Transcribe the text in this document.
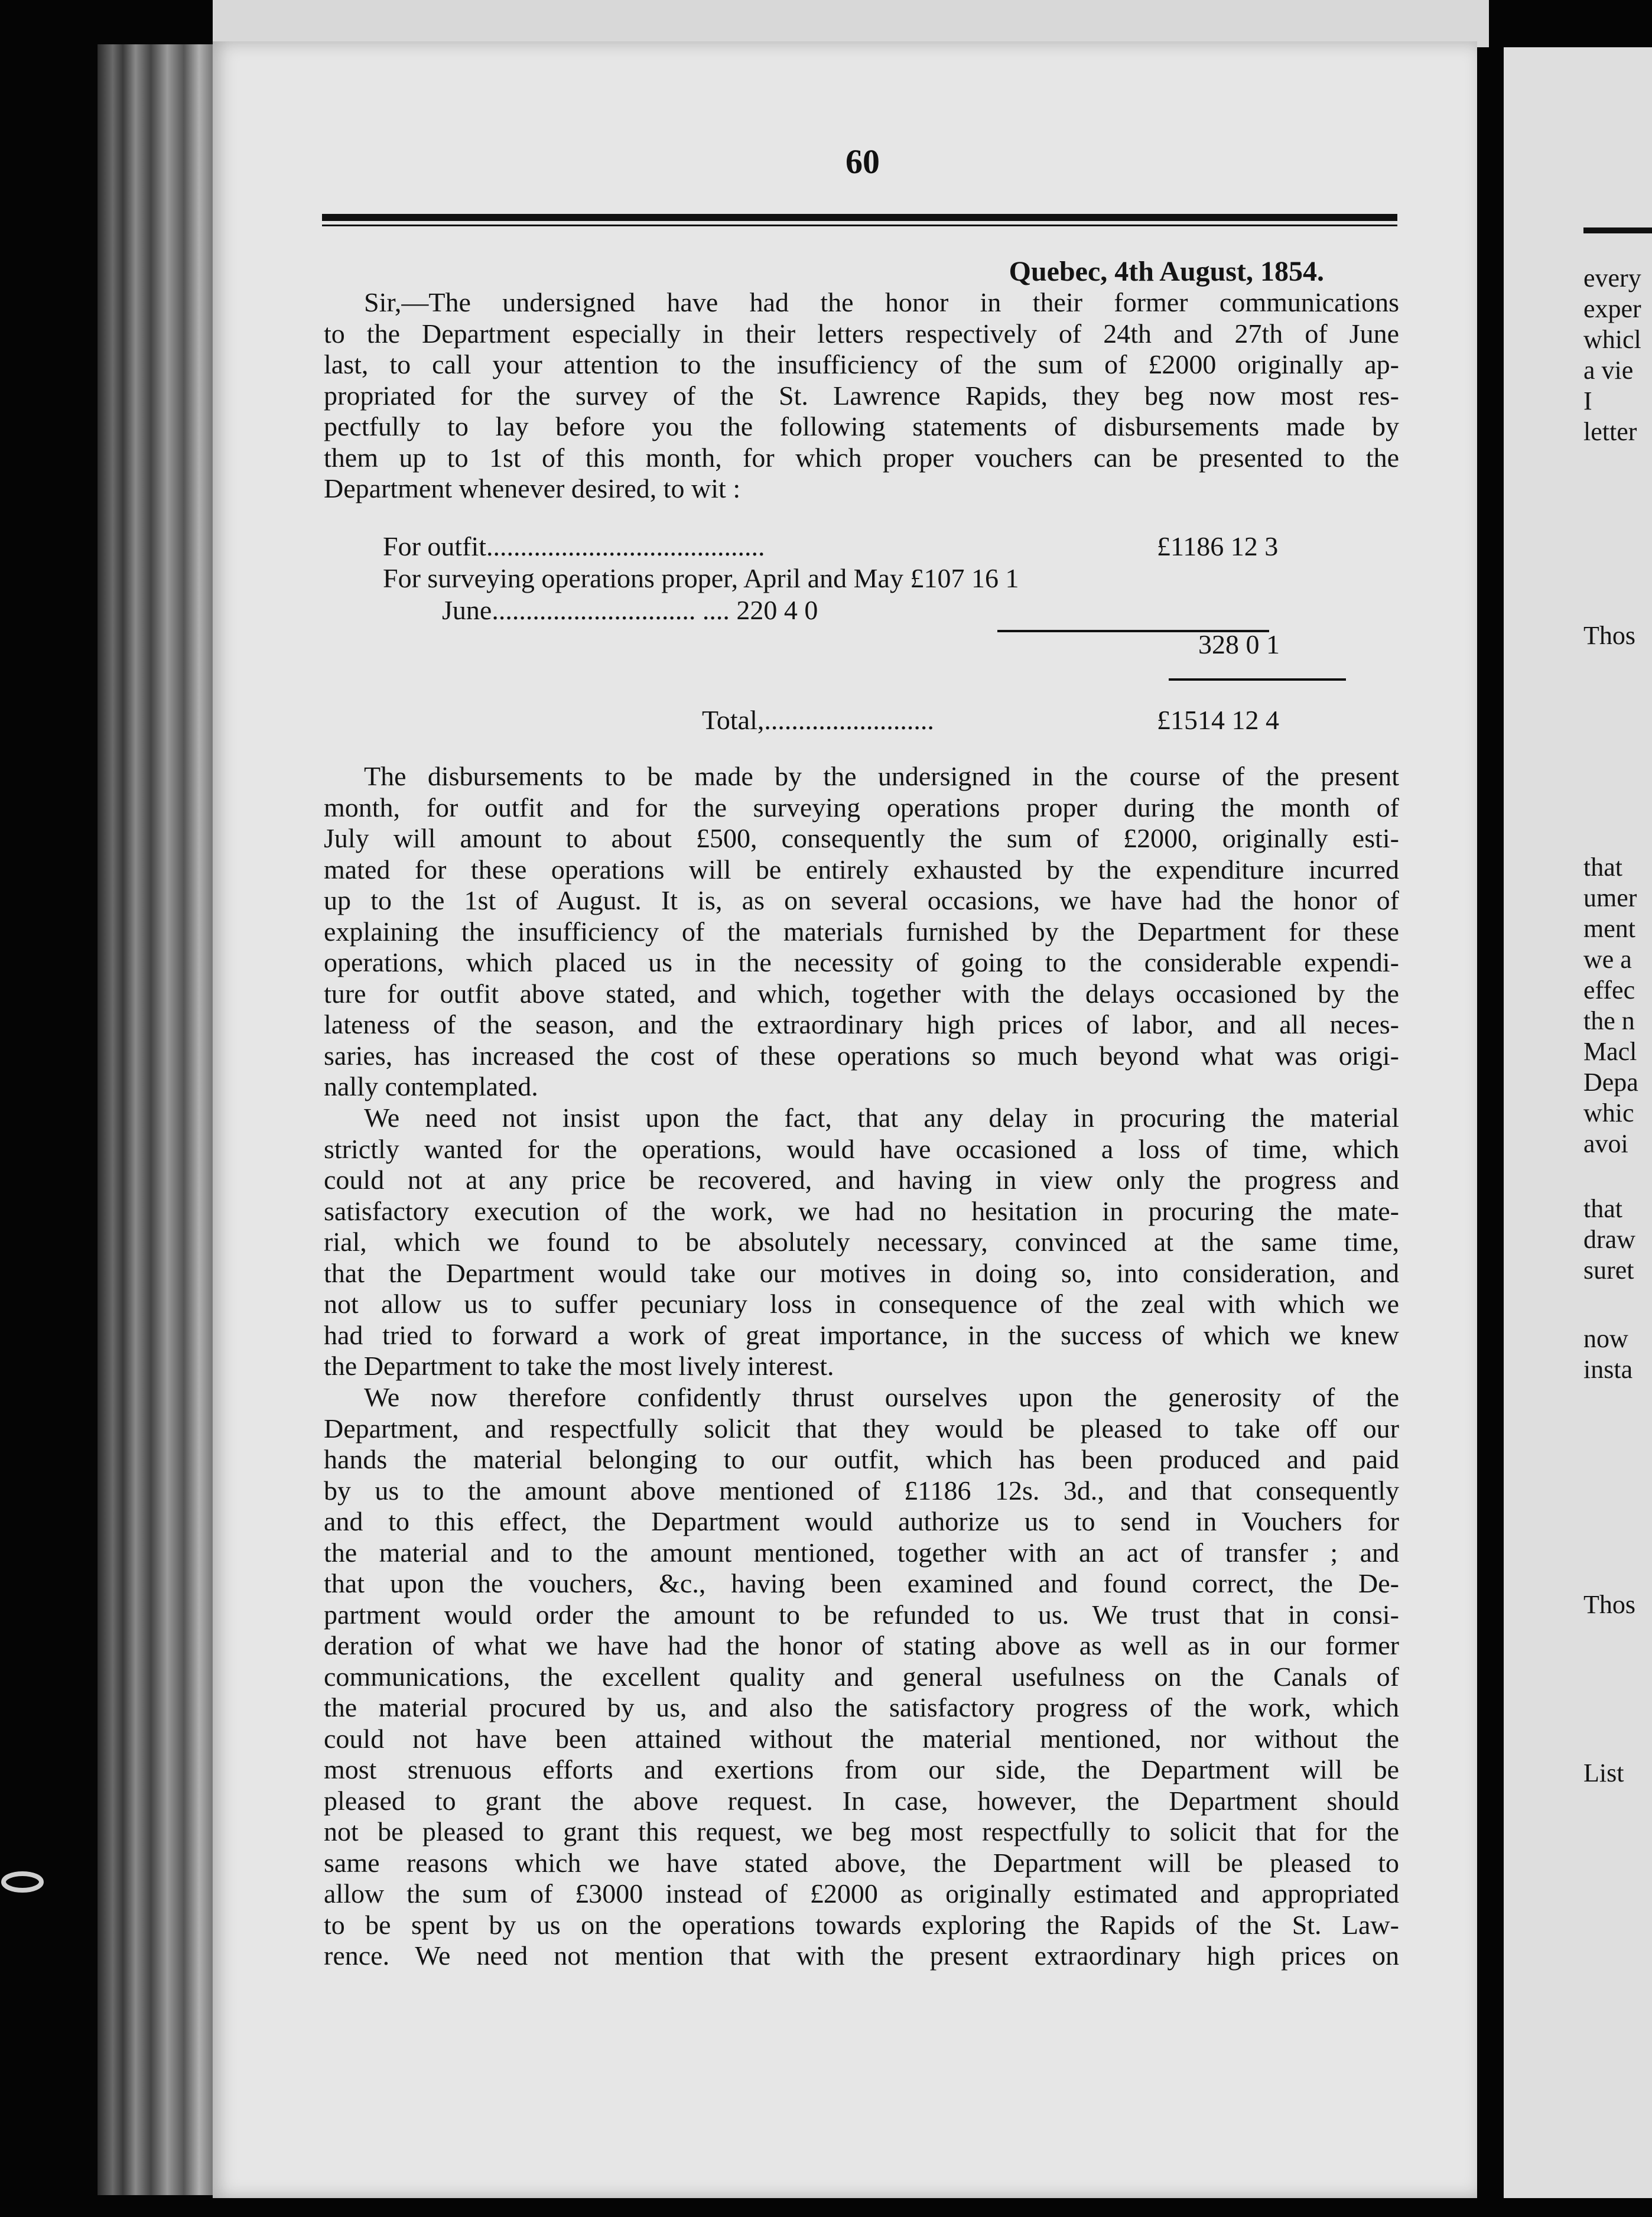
60
Quebec, 4th August, 1854.
Sir,—The undersigned have had the honor in their former communications
to the Department especially in their letters respectively of 24th and 27th of June
last, to call your attention to the insufficiency of the sum of £2000 originally ap-
propriated for the survey of the St. Lawrence Rapids, they beg now most res-
pectfully to lay before you the following statements of disbursements made by
them up to 1st of this month, for which proper vouchers can be presented to the
Department whenever desired, to wit :
For outfit.........................................	£1186 12 3
For surveying operations proper, April and May £107 16 1
June.............................. .... 220 4 0
328 0 1
Total,.........................	£1514 12 4
The disbursements to be made by the undersigned in the course of the present
month, for outfit and for the surveying operations proper during the month of
July will amount to about £500, consequently the sum of £2000, originally esti-
mated for these operations will be entirely exhausted by the expenditure incurred
up to the 1st of August. It is, as on several occasions, we have had the honor of
explaining the insufficiency of the materials furnished by the Department for these
operations, which placed us in the necessity of going to the considerable expendi-
ture for outfit above stated, and which, together with the delays occasioned by the
lateness of the season, and the extraordinary high prices of labor, and all neces-
saries, has increased the cost of these operations so much beyond what was origi-
nally contemplated.
We need not insist upon the fact, that any delay in procuring the material
strictly wanted for the operations, would have occasioned a loss of time, which
could not at any price be recovered, and having in view only the progress and
satisfactory execution of the work, we had no hesitation in procuring the mate-
rial, which we found to be absolutely necessary, convinced at the same time,
that the Department would take our motives in doing so, into consideration, and
not allow us to suffer pecuniary loss in consequence of the zeal with which we
had tried to forward a work of great importance, in the success of which we knew
the Department to take the most lively interest.
We now therefore confidently thrust ourselves upon the generosity of the
Department, and respectfully solicit that they would be pleased to take off our
hands the material belonging to our outfit, which has been produced and paid
by us to the amount above mentioned of £1186 12s. 3d., and that consequently
and to this effect, the Department would authorize us to send in Vouchers for
the material and to the amount mentioned, together with an act of transfer ; and
that upon the vouchers, &c., having been examined and found correct, the De-
partment would order the amount to be refunded to us. We trust that in consi-
deration of what we have had the honor of stating above as well as in our former
communications, the excellent quality and general usefulness on the Canals of
the material procured by us, and also the satisfactory progress of the work, which
could not have been attained without the material mentioned, nor without the
most strenuous efforts and exertions from our side, the Department will be
pleased to grant the above request. In case, however, the Department should
not be pleased to grant this request, we beg most respectfully to solicit that for the
same reasons which we have stated above, the Department will be pleased to
allow the sum of £3000 instead of £2000 as originally estimated and appropriated
to be spent by us on the operations towards exploring the Rapids of the St. Law-
rence. We need not mention that with the present extraordinary high prices on
every
exper
whicl
a vie
I
letter
Thos
that
umer
ment
we a
effec
the n
Macl
Depa
whic
avoi
that
draw
suret
now
insta
Thos
List
